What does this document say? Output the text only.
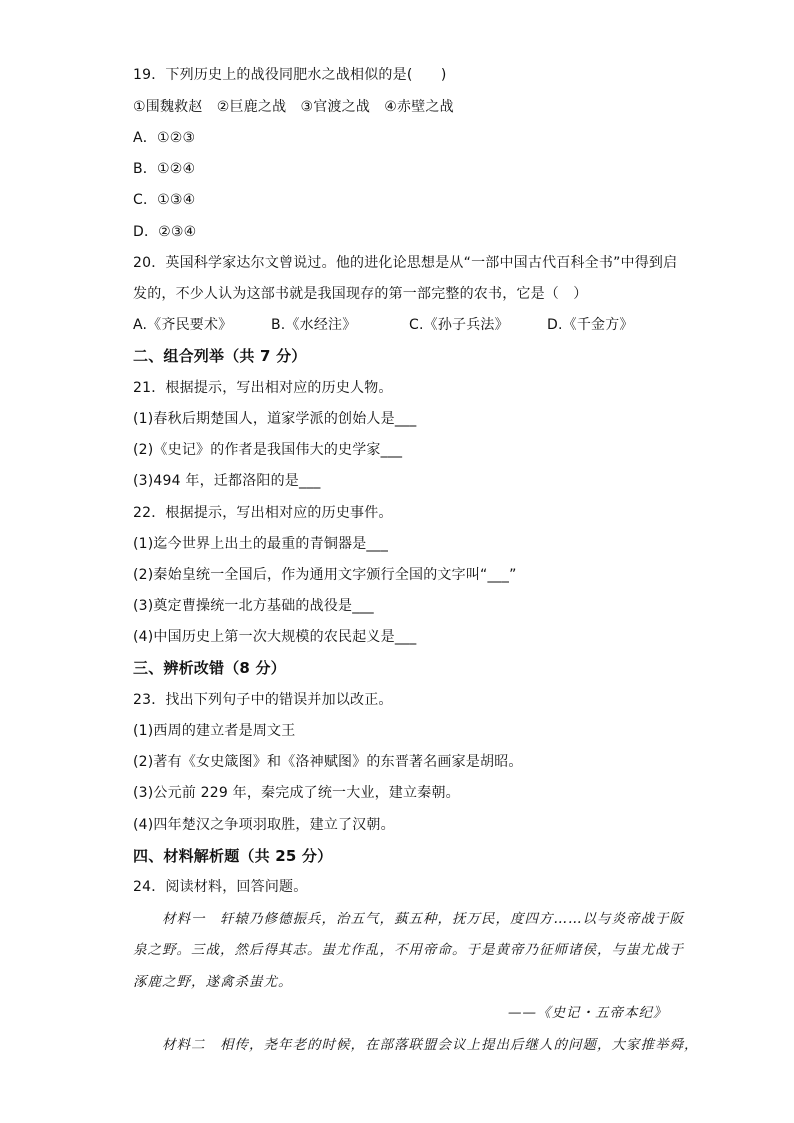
19．下列历史上的战役同肥水之战相似的是(　　)
①围魏救赵　②巨鹿之战　③官渡之战　④赤壁之战
A．①②③
B．①②④
C．①③④
D．②③④
20．英国科学家达尔文曾说过。他的进化论思想是从“一部中国古代百科全书”中得到启
发的，不少人认为这部书就是我国现存的第一部完整的农书，它是（　）
A.《齐民要术》	B.《水经注》	C.《孙子兵法》	D.《千金方》
二、组合列举（共 7 分）
21．根据提示，写出相对应的历史人物。
(1)春秋后期楚国人，道家学派的创始人是___
(2)《史记》的作者是我国伟大的史学家___
(3)494 年，迁都洛阳的是___
22．根据提示，写出相对应的历史事件。
(1)迄今世界上出土的最重的青铜器是___
(2)秦始皇统一全国后，作为通用文字颁行全国的文字叫“___”
(3)奠定曹操统一北方基础的战役是___
(4)中国历史上第一次大规模的农民起义是___
三、辨析改错（8 分）
23．找出下列句子中的错误并加以改正。
(1)西周的建立者是周文王
(2)著有《女史箴图》和《洛神赋图》的东晋著名画家是胡昭。
(3)公元前 229 年，秦完成了统一大业，建立秦朝。
(4)四年楚汉之争项羽取胜，建立了汉朝。
四、材料解析题（共 25 分）
24．阅读材料，回答问题。
材料一　轩辕乃修德振兵，治五气，蓺五种，抚万民，度四方……以与炎帝战于阪
泉之野。三战，然后得其志。蚩尤作乱，不用帝命。于是黄帝乃征师诸侯，与蚩尤战于
涿鹿之野，遂禽杀蚩尤。
——《史记・五帝本纪》
材料二　相传，尧年老的时候，在部落联盟会议上提出后继人的问题，大家推举舜，
